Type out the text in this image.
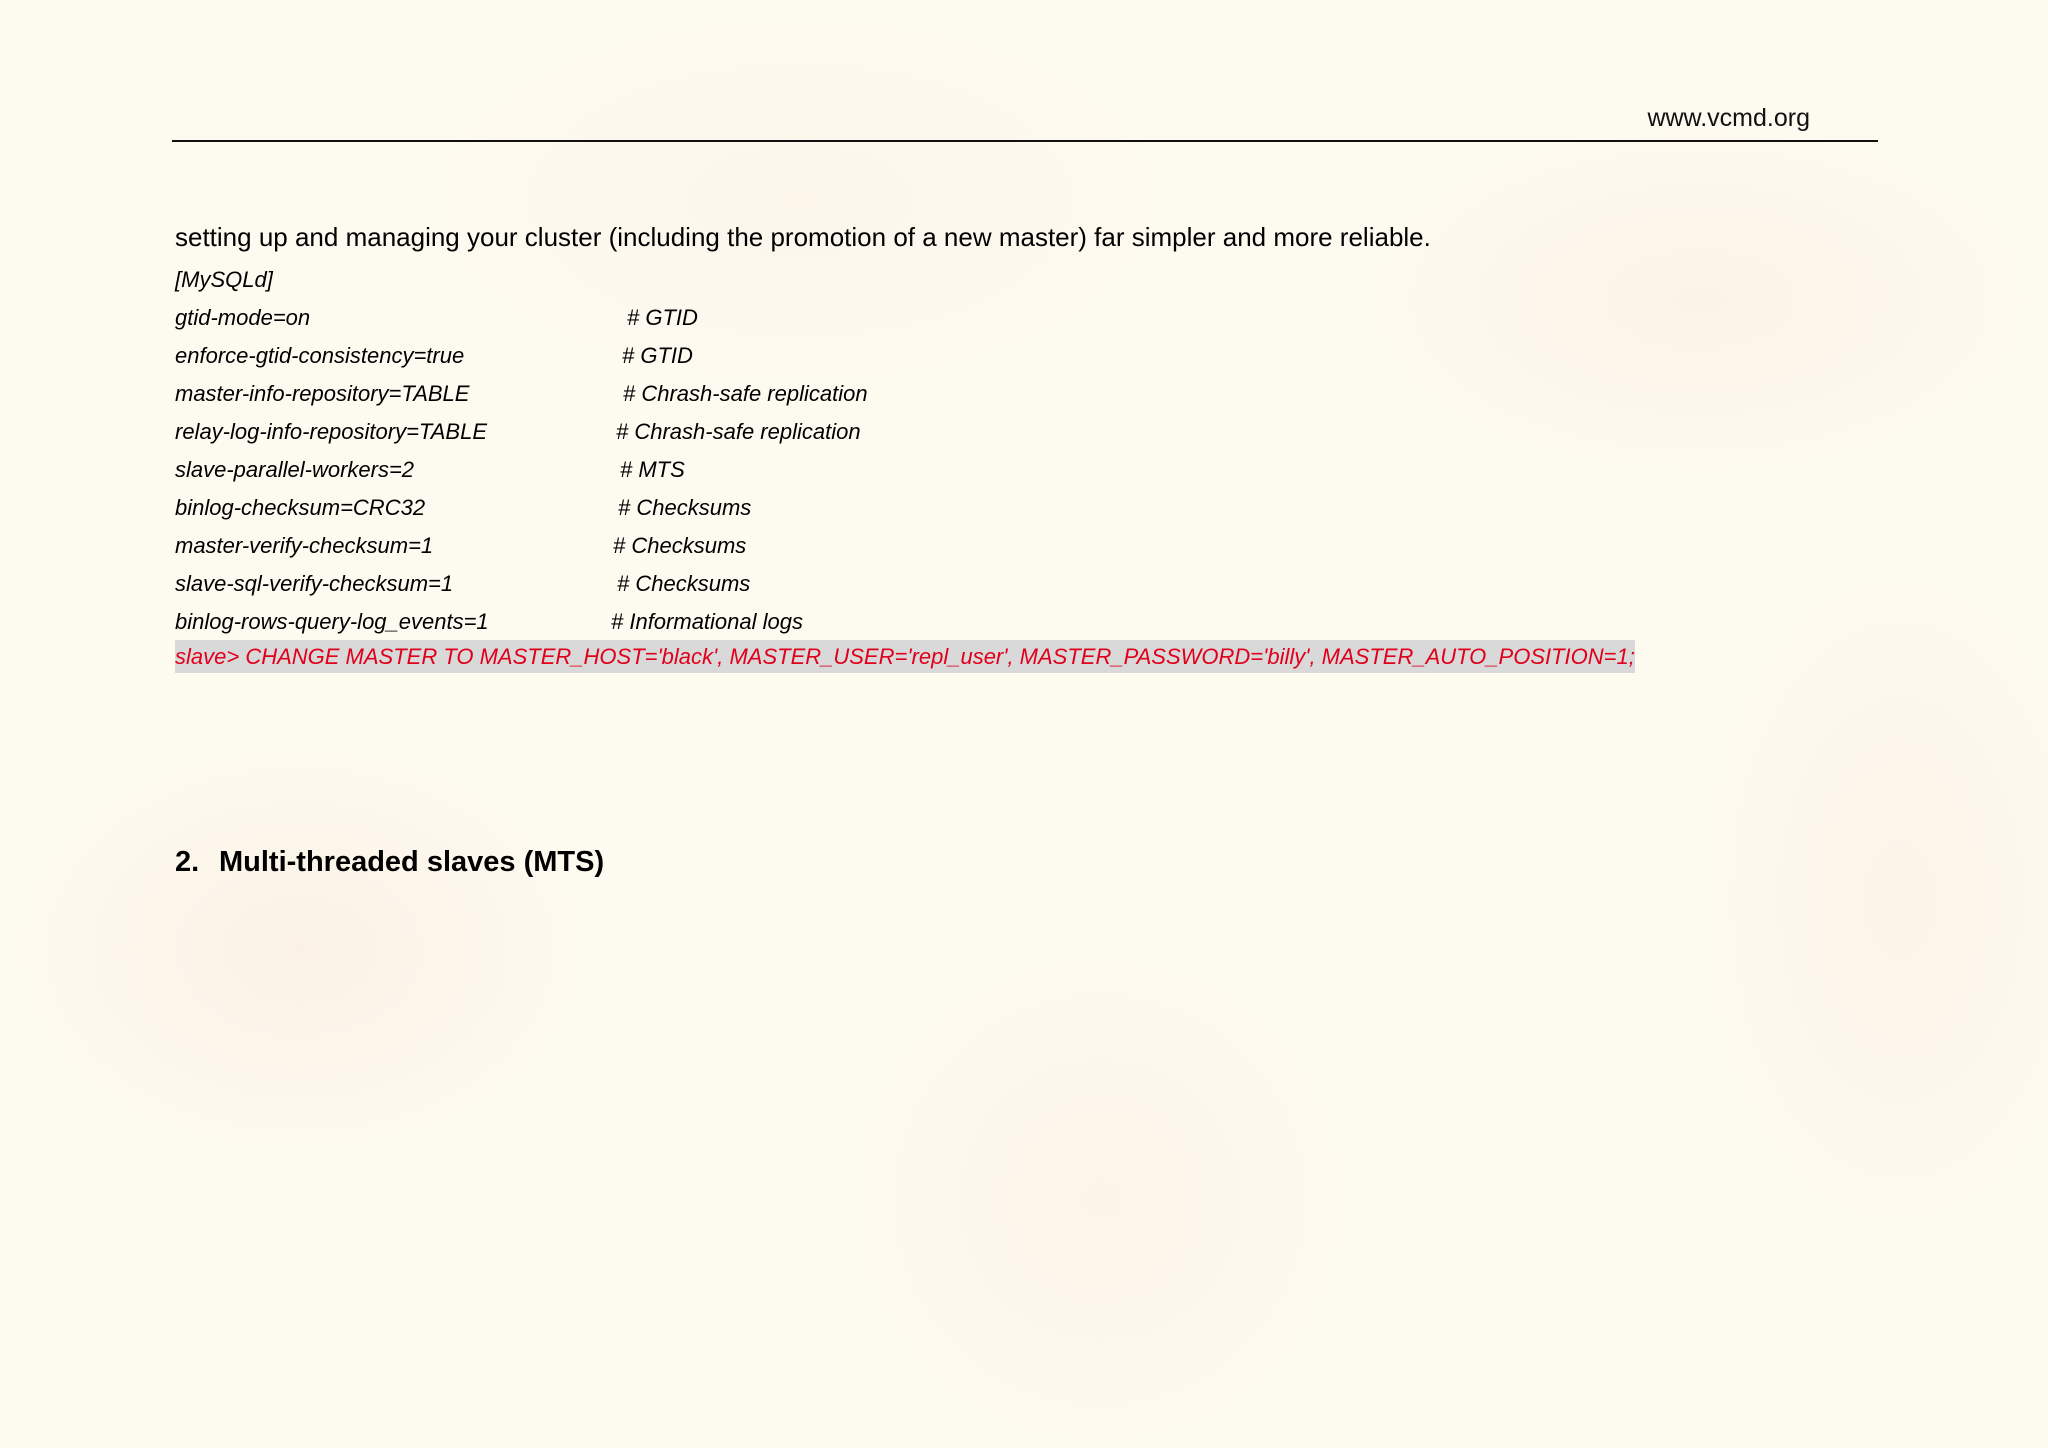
www.vcmd.org
setting up and managing your cluster (including the promotion of a new master) far simpler and more reliable.
[MySQLd]
gtid-mode=on	# GTID
enforce-gtid-consistency=true	# GTID
master-info-repository=TABLE	# Chrash-safe replication
relay-log-info-repository=TABLE	# Chrash-safe replication
slave-parallel-workers=2	# MTS
binlog-checksum=CRC32	# Checksums
master-verify-checksum=1	# Checksums
slave-sql-verify-checksum=1	# Checksums
binlog-rows-query-log_events=1	# Informational logs
slave> CHANGE MASTER TO MASTER_HOST='black', MASTER_USER='repl_user', MASTER_PASSWORD='billy', MASTER_AUTO_POSITION=1;
2. Multi-threaded slaves (MTS)
